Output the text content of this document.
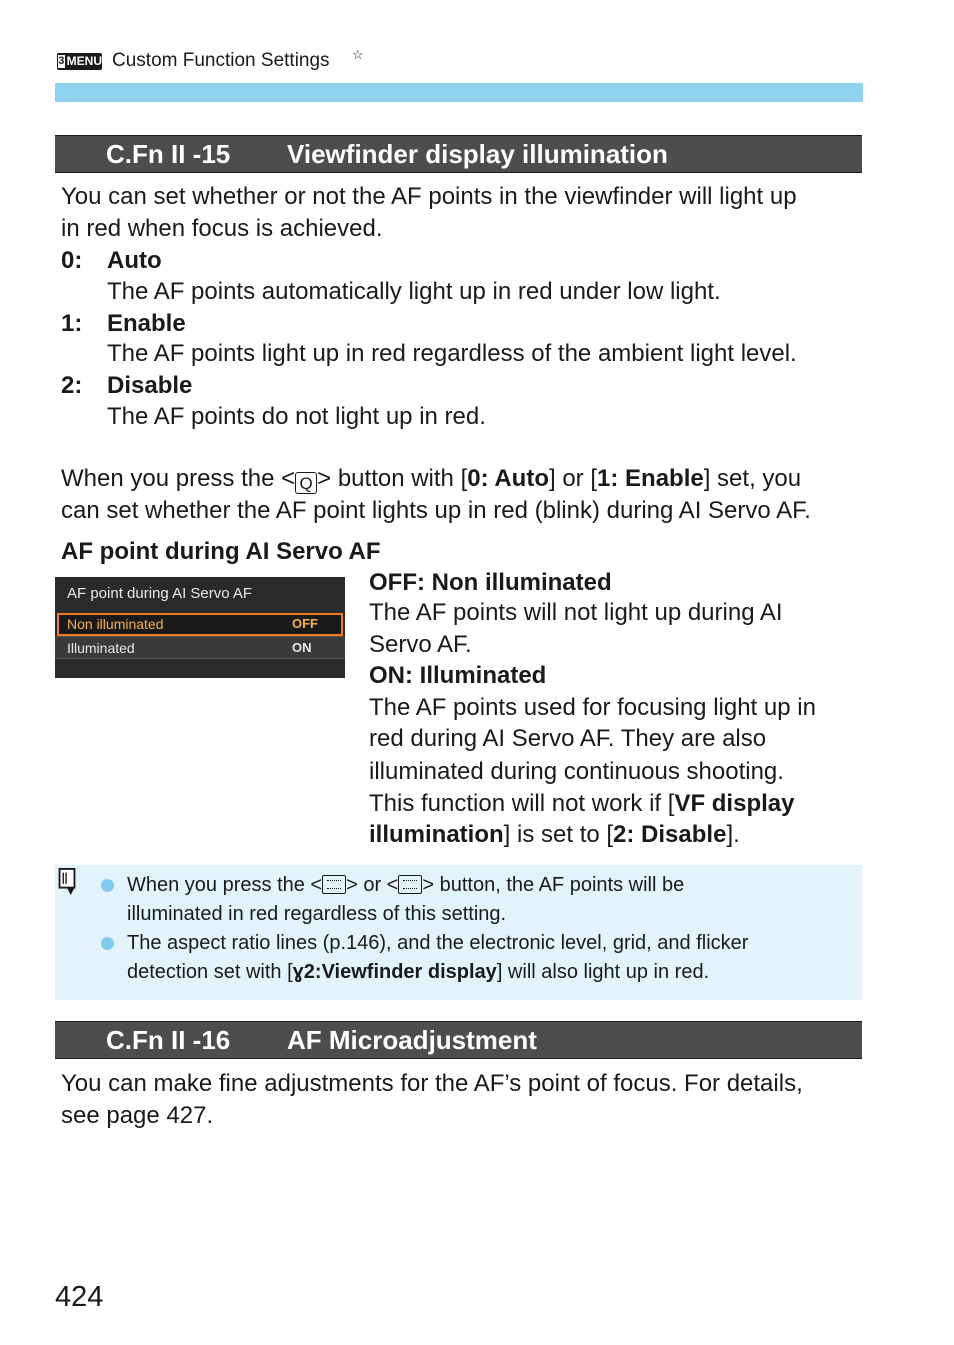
3 MENU Custom Function Settings ☆
C.Fn II -15 Viewfinder display illumination
You can set whether or not the AF points in the viewfinder will light up
in red when focus is achieved.
0: Auto
The AF points automatically light up in red under low light.
1: Enable
The AF points light up in red regardless of the ambient light level.
2: Disable
The AF points do not light up in red.
When you press the < Q > button with [0: Auto] or [1: Enable] set, you
can set whether the AF point lights up in red (blink) during AI Servo AF.
AF point during AI Servo AF
AF point during AI Servo AF
Non illuminated	OFF
Illuminated	ON
OFF: Non illuminated
The AF points will not light up during AI
Servo AF.
ON: Illuminated
The AF points used for focusing light up in
red during AI Servo AF. They are also
illuminated during continuous shooting.
This function will not work if [VF display
illumination] is set to [2: Disable].
When you press the < > or < > button, the AF points will be
illuminated in red regardless of this setting.
The aspect ratio lines (p.146), and the electronic level, grid, and flicker
detection set with [ɣ2:Viewfinder display] will also light up in red.
C.Fn II -16 AF Microadjustment
You can make fine adjustments for the AF’s point of focus. For details,
see page 427.
424
